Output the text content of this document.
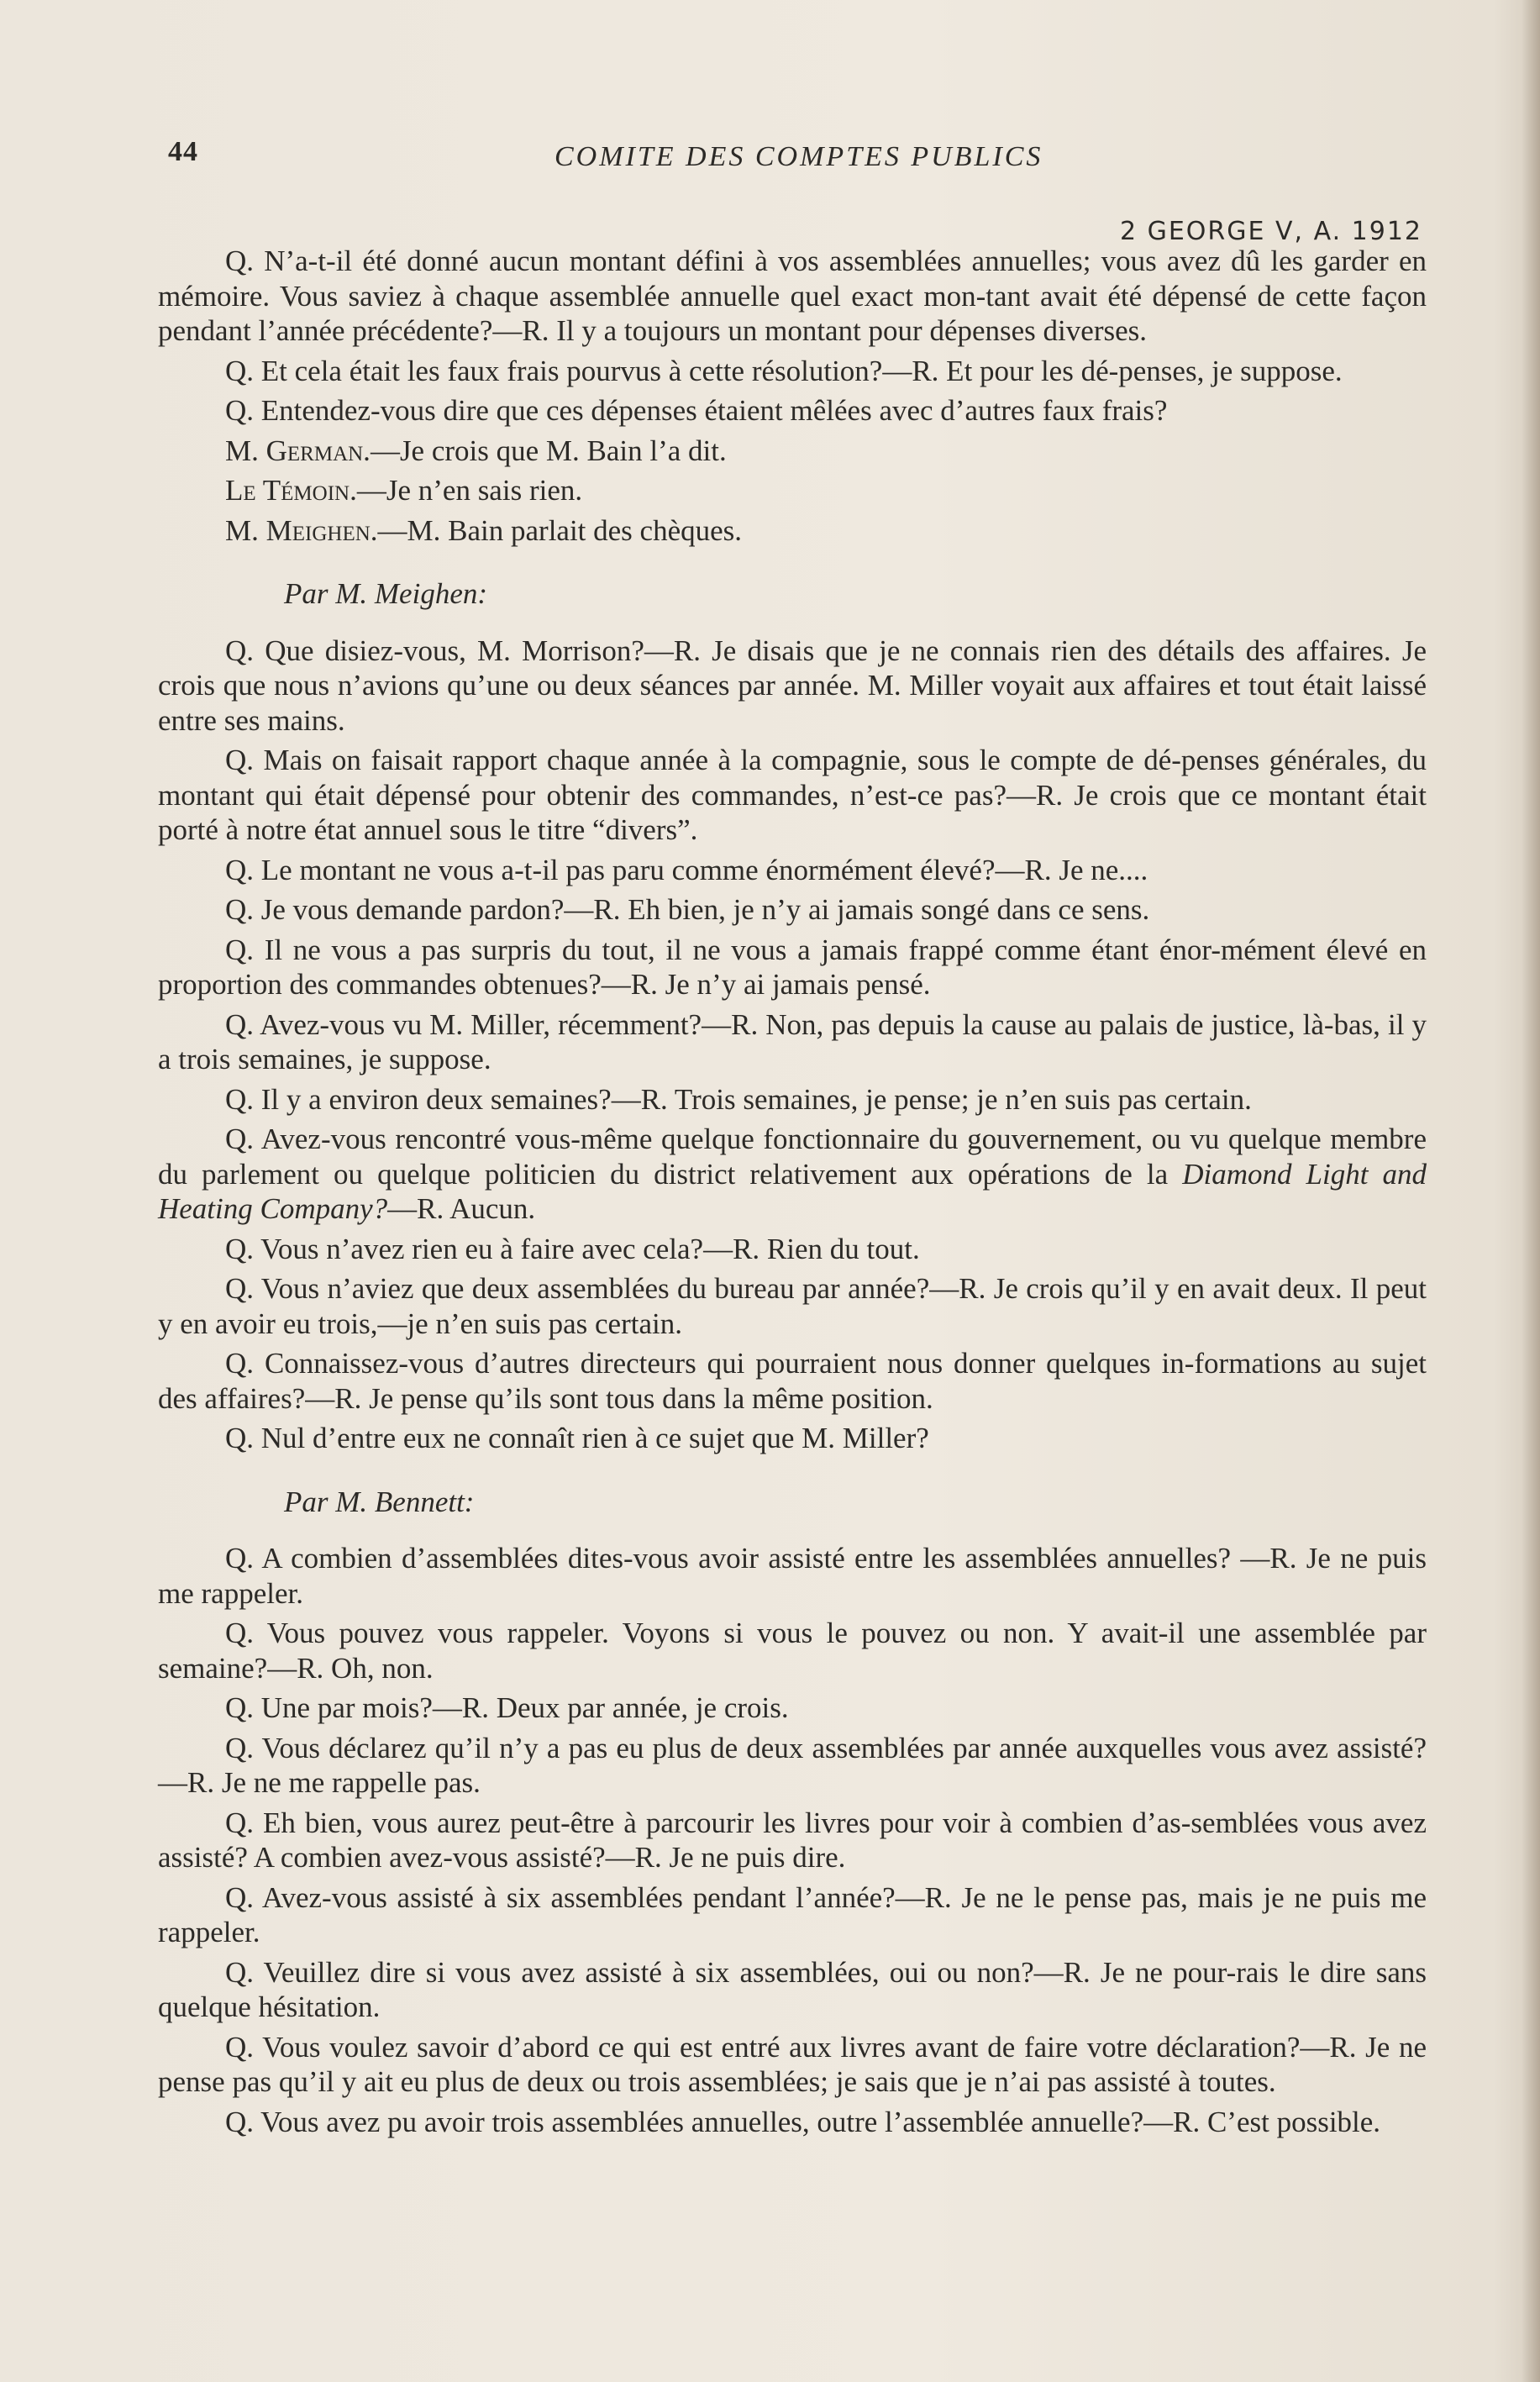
44	COMITE DES COMPTES PUBLICS
2 GEORGE V, A. 1912

Q. N’a-t-il été donné aucun montant défini à vos assemblées annuelles; vous avez dû les garder en mémoire. Vous saviez à chaque assemblée annuelle quel exact mon-tant avait été dépensé de cette façon pendant l’année précédente?—R. Il y a toujours un montant pour dépenses diverses.

Q. Et cela était les faux frais pourvus à cette résolution?—R. Et pour les dé-penses, je suppose.

Q. Entendez-vous dire que ces dépenses étaient mêlées avec d’autres faux frais?

M. German.—Je crois que M. Bain l’a dit.

Le Témoin.—Je n’en sais rien.

M. Meighen.—M. Bain parlait des chèques.

Par M. Meighen:

Q. Que disiez-vous, M. Morrison?—R. Je disais que je ne connais rien des détails des affaires. Je crois que nous n’avions qu’une ou deux séances par année. M. Miller voyait aux affaires et tout était laissé entre ses mains.

Q. Mais on faisait rapport chaque année à la compagnie, sous le compte de dé-penses générales, du montant qui était dépensé pour obtenir des commandes, n’est-ce pas?—R. Je crois que ce montant était porté à notre état annuel sous le titre “divers”.

Q. Le montant ne vous a-t-il pas paru comme énormément élevé?—R. Je ne....

Q. Je vous demande pardon?—R. Eh bien, je n’y ai jamais songé dans ce sens.

Q. Il ne vous a pas surpris du tout, il ne vous a jamais frappé comme étant énor-mément élevé en proportion des commandes obtenues?—R. Je n’y ai jamais pensé.

Q. Avez-vous vu M. Miller, récemment?—R. Non, pas depuis la cause au palais de justice, là-bas, il y a trois semaines, je suppose.

Q. Il y a environ deux semaines?—R. Trois semaines, je pense; je n’en suis pas certain.

Q. Avez-vous rencontré vous-même quelque fonctionnaire du gouvernement, ou vu quelque membre du parlement ou quelque politicien du district relativement aux opérations de la Diamond Light and Heating Company?—R. Aucun.

Q. Vous n’avez rien eu à faire avec cela?—R. Rien du tout.

Q. Vous n’aviez que deux assemblées du bureau par année?—R. Je crois qu’il y en avait deux. Il peut y en avoir eu trois,—je n’en suis pas certain.

Q. Connaissez-vous d’autres directeurs qui pourraient nous donner quelques in-formations au sujet des affaires?—R. Je pense qu’ils sont tous dans la même position.

Q. Nul d’entre eux ne connaît rien à ce sujet que M. Miller?

Par M. Bennett:

Q. A combien d’assemblées dites-vous avoir assisté entre les assemblées annuelles? —R. Je ne puis me rappeler.

Q. Vous pouvez vous rappeler. Voyons si vous le pouvez ou non. Y avait-il une assemblée par semaine?—R. Oh, non.

Q. Une par mois?—R. Deux par année, je crois.

Q. Vous déclarez qu’il n’y a pas eu plus de deux assemblées par année auxquelles vous avez assisté?—R. Je ne me rappelle pas.

Q. Eh bien, vous aurez peut-être à parcourir les livres pour voir à combien d’as-semblées vous avez assisté? A combien avez-vous assisté?—R. Je ne puis dire.

Q. Avez-vous assisté à six assemblées pendant l’année?—R. Je ne le pense pas, mais je ne puis me rappeler.

Q. Veuillez dire si vous avez assisté à six assemblées, oui ou non?—R. Je ne pour-rais le dire sans quelque hésitation.

Q. Vous voulez savoir d’abord ce qui est entré aux livres avant de faire votre déclaration?—R. Je ne pense pas qu’il y ait eu plus de deux ou trois assemblées; je sais que je n’ai pas assisté à toutes.

Q. Vous avez pu avoir trois assemblées annuelles, outre l’assemblée annuelle?—R. C’est possible.
